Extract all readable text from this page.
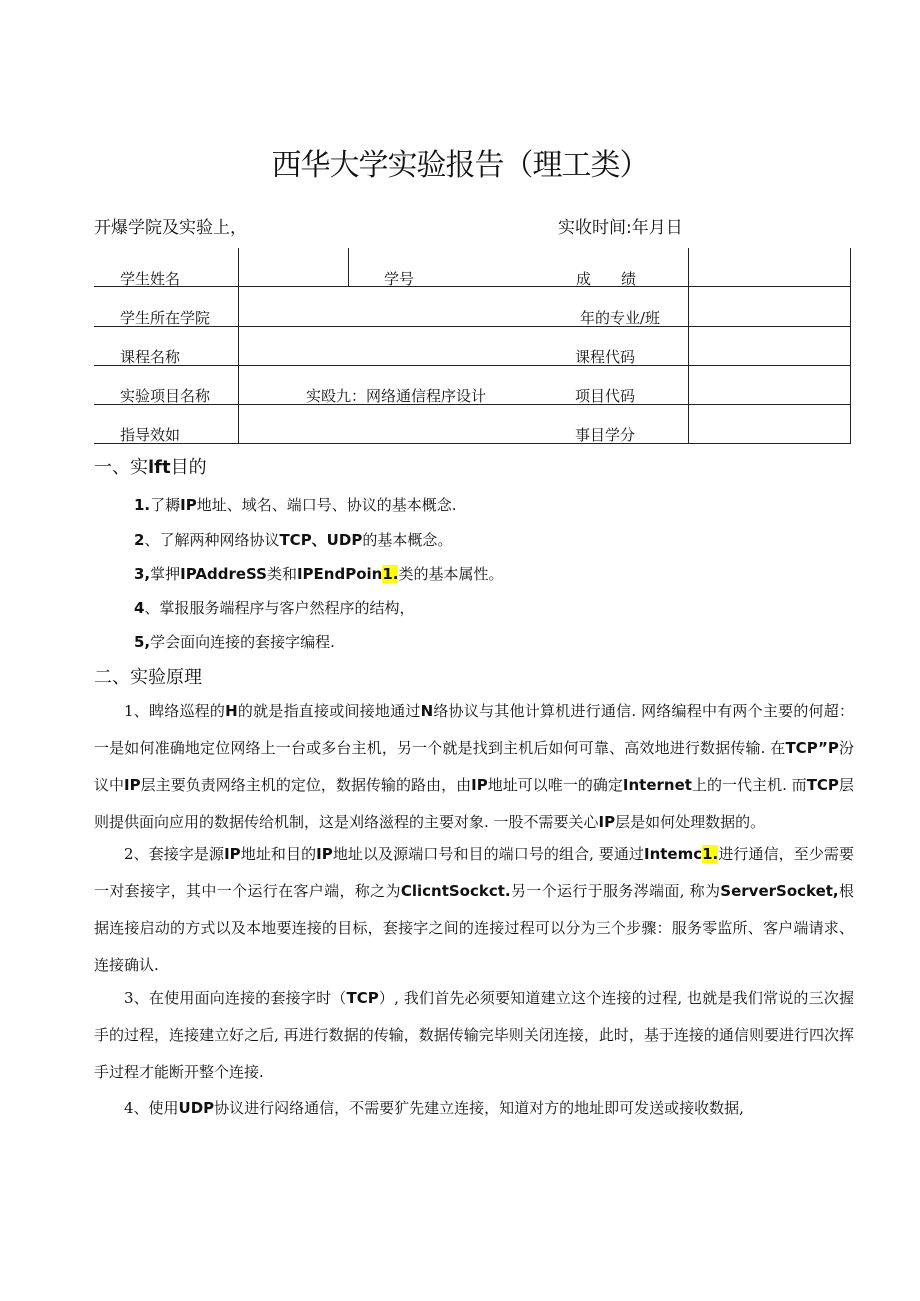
西华大学实验报告（理工类）
开爆学院及实验上，	实收时间:年月日
学生姓名	学号	成　　绩
学生所在学院	年的专业/班
课程名称	课程代码
实验项目名称	实殴九：网络通信程序设计	项目代码
指导效如	事目学分
一、实lft目的
1.了耨IP地址、域名、端口号、协议的基本概念.
2、了解两种网络协议TCP、UDP的基本概念。
3,掌押IPAddreSS类和IPEndPoin1.类的基本属性。
4、掌报服务端程序与客户然程序的结构，
5,学会面向连接的套接字编程.
二、实验原理
1、睥络巡程的H的就是指直接或间接地通过N络协议与其他计算机进行通信. 网络编程中有两个主要的何超：一是如何准确地定位网络上一台或多台主机，另一个就是找到主机后如何可靠、高效地进行数据传输. 在TCP”P汾议中IP层主要负责网络主机的定位，数据传输的路由，由IP地址可以唯一的确定Internet上的一代主机. 而TCP层则提供面向应用的数据传给机制，这是刈络滋程的主要对象. 一股不需要关心IP层是如何处理数据的。
2、套接字是源IP地址和目的IP地址以及源端口号和目的端口号的组合, 要通过Intemc1.进行通信，至少需要一对套接字，其中一个运行在客户端，称之为ClicntSockct.另一个运行于服务涔端面, 称为ServerSocket,根据连接启动的方式以及本地要连接的目标，套接字之间的连接过程可以分为三个步骤：服务零监所、客户端请求、连接确认.
3、在使用面向连接的套接字时（TCP）, 我们首先必须要知道建立这个连接的过程, 也就是我们常说的三次握手的过程，连接建立好之后, 再进行数据的传输，数据传输完毕则关闭连接，此时，基于连接的通信则要进行四次挥手过程才能断开整个连接.
4、使用UDP协议进行闷络通信，不需要犷先建立连接，知道对方的地址即可发送或接收数据,
